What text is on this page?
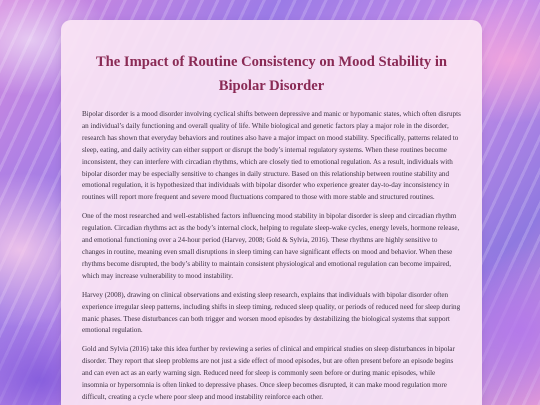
The Impact of Routine Consistency on Mood Stability in Bipolar Disorder

Bipolar disorder is a mood disorder involving cyclical shifts between depressive and manic or hypomanic states, which often disrupts an individual’s daily functioning and overall quality of life. While biological and genetic factors play a major role in the disorder, research has shown that everyday behaviors and routines also have a major impact on mood stability. Specifically, patterns related to sleep, eating, and daily activity can either support or disrupt the body’s internal regulatory systems. When these routines become inconsistent, they can interfere with circadian rhythms, which are closely tied to emotional regulation. As a result, individuals with bipolar disorder may be especially sensitive to changes in daily structure. Based on this relationship between routine stability and emotional regulation, it is hypothesized that individuals with bipolar disorder who experience greater day-to-day inconsistency in routines will report more frequent and severe mood fluctuations compared to those with more stable and structured routines.

One of the most researched and well-established factors influencing mood stability in bipolar disorder is sleep and circadian rhythm regulation. Circadian rhythms act as the body’s internal clock, helping to regulate sleep-wake cycles, energy levels, hormone release, and emotional functioning over a 24-hour period (Harvey, 2008; Gold & Sylvia, 2016). These rhythms are highly sensitive to changes in routine, meaning even small disruptions in sleep timing can have significant effects on mood and behavior. When these rhythms become disrupted, the body’s ability to maintain consistent physiological and emotional regulation can become impaired, which may increase vulnerability to mood instability.

Harvey (2008), drawing on clinical observations and existing sleep research, explains that individuals with bipolar disorder often experience irregular sleep patterns, including shifts in sleep timing, reduced sleep quality, or periods of reduced need for sleep during manic phases. These disturbances can both trigger and worsen mood episodes by destabilizing the biological systems that support emotional regulation.

Gold and Sylvia (2016) take this idea further by reviewing a series of clinical and empirical studies on sleep disturbances in bipolar disorder. They report that sleep problems are not just a side effect of mood episodes, but are often present before an episode begins and can even act as an early warning sign. Reduced need for sleep is commonly seen before or during manic episodes, while insomnia or hypersomnia is often linked to depressive phases. Once sleep becomes disrupted, it can make mood regulation more difficult, creating a cycle where poor sleep and mood instability reinforce each other.
